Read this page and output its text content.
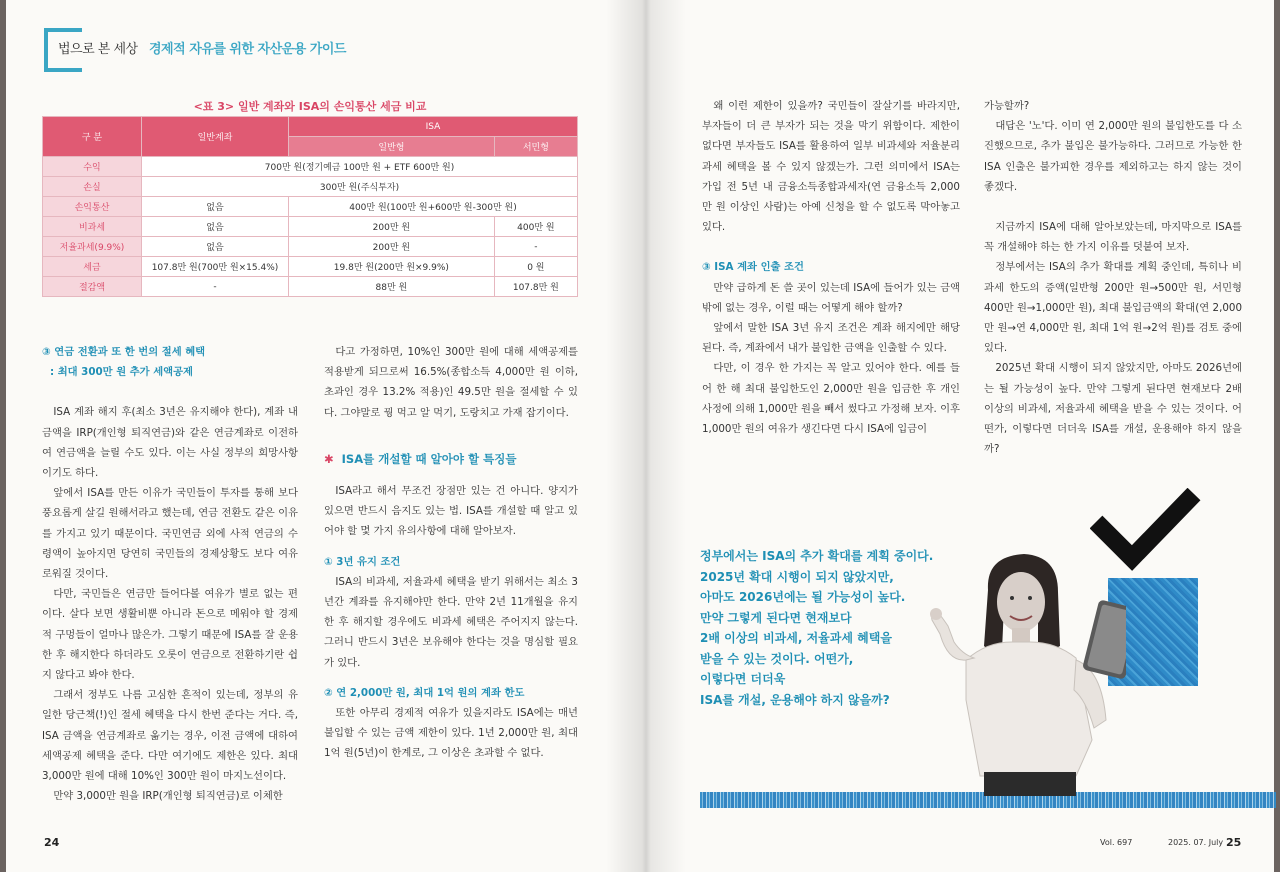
법으로 본 세상 경제적 자유를 위한 자산운용 가이드
<표 3> 일반 계좌와 ISA의 손익통산 세금 비교
구 분	일반계좌	ISA	
		일반형	서민형
수익	700만 원(정기예금 100만 원 + ETF 600만 원)		
손실	300만 원(주식투자)		
손익통산	없음	400만 원(100만 원+600만 원-300만 원)	
비과세	없음	200만 원	400만 원
저율과세(9.9%)	없음	200만 원	-
세금	107.8만 원(700만 원×15.4%)	19.8만 원(200만 원×9.9%)	0 원
절감액	-	88만 원	107.8만 원

③ 연금 전환과 또 한 번의 절세 혜택

: 최대 300만 원 추가 세액공제

ISA 계좌 해지 후(최소 3년은 유지해야 한다), 계좌 내 금액을 IRP(개인형 퇴직연금)와 같은 연금계좌로 이전하여 연금액을 늘릴 수도 있다. 이는 사실 정부의 희망사항이기도 하다.

앞에서 ISA를 만든 이유가 국민들이 투자를 통해 보다 풍요롭게 살길 원해서라고 했는데, 연금 전환도 같은 이유를 가지고 있기 때문이다. 국민연금 외에 사적 연금의 수령액이 높아지면 당연히 국민들의 경제상황도 보다 여유로워질 것이다.

다만, 국민들은 연금만 들어다볼 여유가 별로 없는 편이다. 살다 보면 생활비뿐 아니라 돈으로 메워야 할 경제적 구멍들이 얼마나 많은가. 그렇기 때문에 ISA를 잘 운용한 후 해지한다 하더라도 오롯이 연금으로 전환하기란 쉽지 않다고 봐야 한다.

그래서 정부도 나름 고심한 흔적이 있는데, 정부의 유일한 당근책(!)인 절세 혜택을 다시 한번 준다는 거다. 즉, ISA 금액을 연금계좌로 옮기는 경우, 이전 금액에 대하여 세액공제 혜택을 준다. 다만 여기에도 제한은 있다. 최대 3,000만 원에 대해 10%인 300만 원이 마지노선이다.

만약 3,000만 원을 IRP(개인형 퇴직연금)로 이체한

다고 가정하면, 10%인 300만 원에 대해 세액공제를 적용받게 되므로써 16.5%(종합소득 4,000만 원 이하, 초과인 경우 13.2% 적용)인 49.5만 원을 절세할 수 있다. 그야말로 꿩 먹고 알 먹기, 도랑치고 가재 잡기이다.

✱ ISA를 개설할 때 알아야 할 특징들

ISA라고 해서 무조건 장점만 있는 건 아니다. 양지가 있으면 반드시 음지도 있는 법. ISA를 개설할 때 알고 있어야 할 몇 가지 유의사항에 대해 알아보자.

① 3년 유지 조건

ISA의 비과세, 저율과세 혜택을 받기 위해서는 최소 3년간 계좌를 유지해야만 한다. 만약 2년 11개월을 유지한 후 해지할 경우에도 비과세 혜택은 주어지지 않는다. 그러니 반드시 3년은 보유해야 한다는 것을 명심할 필요가 있다.

② 연 2,000만 원, 최대 1억 원의 계좌 한도

또한 아무리 경제적 여유가 있을지라도 ISA에는 매년 불입할 수 있는 금액 제한이 있다. 1년 2,000만 원, 최대 1억 원(5년)이 한계로, 그 이상은 초과할 수 없다.

24

왜 이런 제한이 있을까? 국민들이 잘살기를 바라지만, 부자들이 더 큰 부자가 되는 것을 막기 위함이다. 제한이 없다면 부자들도 ISA를 활용하여 일부 비과세와 저율분리과세 혜택을 볼 수 있지 않겠는가. 그런 의미에서 ISA는 가입 전 5년 내 금융소득종합과세자(연 금융소득 2,000만 원 이상인 사람)는 아예 신청을 할 수 없도록 막아놓고 있다.

③ ISA 계좌 인출 조건

만약 급하게 돈 쓸 곳이 있는데 ISA에 들어가 있는 금액밖에 없는 경우, 이럴 때는 어떻게 해야 할까?

앞에서 말한 ISA 3년 유지 조건은 계좌 해지에만 해당된다. 즉, 계좌에서 내가 불입한 금액을 인출할 수 있다.

다만, 이 경우 한 가지는 꼭 알고 있어야 한다. 예를 들어 한 해 최대 불입한도인 2,000만 원을 입금한 후 개인 사정에 의해 1,000만 원을 빼서 썼다고 가정해 보자. 이후 1,000만 원의 여유가 생긴다면 다시 ISA에 입금이

가능할까?

대답은 '노'다. 이미 연 2,000만 원의 불입한도를 다 소진했으므로, 추가 불입은 불가능하다. 그러므로 가능한 한 ISA 인출은 불가피한 경우를 제외하고는 하지 않는 것이 좋겠다.

지금까지 ISA에 대해 알아보았는데, 마지막으로 ISA를 꼭 개설해야 하는 한 가지 이유를 덧붙여 보자.

정부에서는 ISA의 추가 확대를 계획 중인데, 특히나 비과세 한도의 증액(일반형 200만 원→500만 원, 서민형 400만 원→1,000만 원), 최대 불입금액의 확대(연 2,000만 원→연 4,000만 원, 최대 1억 원→2억 원)를 검토 중에 있다.

2025년 확대 시행이 되지 않았지만, 아마도 2026년에는 될 가능성이 높다. 만약 그렇게 된다면 현재보다 2배 이상의 비과세, 저율과세 혜택을 받을 수 있는 것이다. 어떤가, 이렇다면 더더욱 ISA를 개설, 운용해야 하지 않을까?

Vol. 697	2025. 07. July 25
정부에서는 ISA의 추가 확대를 계획 중이다.
2025년 확대 시행이 되지 않았지만,
아마도 2026년에는 될 가능성이 높다.
만약 그렇게 된다면 현재보다
2배 이상의 비과세, 저율과세 혜택을
받을 수 있는 것이다. 어떤가,
이렇다면 더더욱
ISA를 개설, 운용해야 하지 않을까?
